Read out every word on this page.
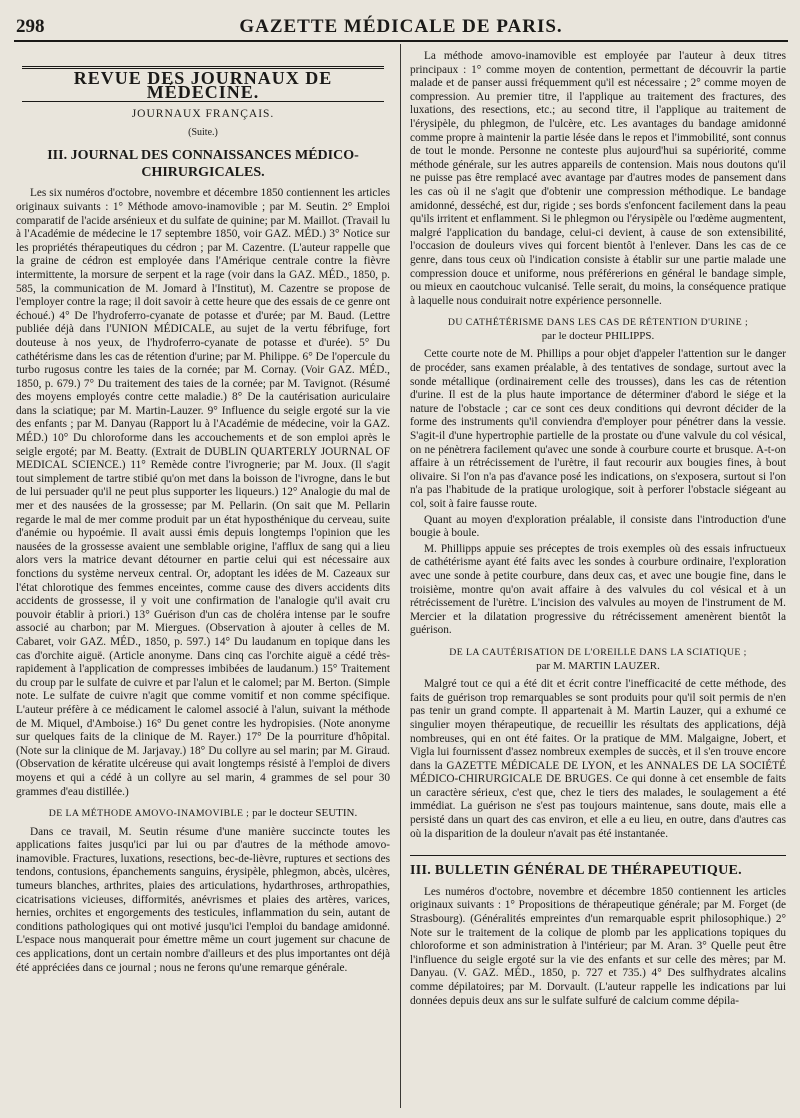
298	GAZETTE MÉDICALE DE PARIS.
REVUE DES JOURNAUX DE MÉDECINE.
JOURNAUX FRANÇAIS.
(Suite.)
III. JOURNAL DES CONNAISSANCES MÉDICO-CHIRURGICALES.

Les six numéros d'octobre, novembre et décembre 1850 contiennent les articles originaux suivants : 1° Méthode amovo-inamovible ; par M. Seutin. 2° Emploi comparatif de l'acide arsénieux et du sulfate de quinine; par M. Maillot. (Travail lu à l'Académie de médecine le 17 septembre 1850, voir GAZ. MÉD.) 3° Notice sur les propriétés thérapeutiques du cédron ; par M. Cazentre. (L'auteur rappelle que la graine de cédron est employée dans l'Amérique centrale contre la fièvre intermittente, la morsure de serpent et la rage (voir dans la GAZ. MÉD., 1850, p. 585, la communication de M. Jomard à l'Institut), M. Cazentre se propose de l'employer contre la rage; il doit savoir à cette heure que des essais de ce genre ont échoué.) 4° De l'hydroferro-cyanate de potasse et d'urée; par M. Baud. (Lettre publiée déjà dans l'UNION MÉDICALE, au sujet de la vertu fébrifuge, fort douteuse à nos yeux, de l'hydroferro-cyanate de potasse et d'urée). 5° Du cathétérisme dans les cas de rétention d'urine; par M. Philippe. 6° De l'opercule du turbo rugosus contre les taies de la cornée; par M. Cornay. (Voir GAZ. MÉD., 1850, p. 679.) 7° Du traitement des taies de la cornée; par M. Tavignot. (Résumé des moyens employés contre cette maladie.) 8° De la cautérisation auriculaire dans la sciatique; par M. Martin-Lauzer. 9° Influence du seigle ergoté sur la vie des enfants ; par M. Danyau (Rapport lu à l'Académie de médecine, voir la GAZ. MÉD.) 10° Du chloroforme dans les accouchements et de son emploi après le seigle ergoté; par M. Beatty. (Extrait de DUBLIN QUARTERLY JOURNAL OF MEDICAL SCIENCE.) 11° Remède contre l'ivrognerie; par M. Joux. (Il s'agit tout simplement de tartre stibié qu'on met dans la boisson de l'ivrogne, dans le but de lui persuader qu'il ne peut plus supporter les liqueurs.) 12° Analogie du mal de mer et des nausées de la grossesse; par M. Pellarin. (On sait que M. Pellarin regarde le mal de mer comme produit par un état hyposthénique du cerveau, suite d'anémie ou hypoémie. Il avait aussi émis depuis longtemps l'opinion que les nausées de la grossesse avaient une semblable origine, l'afflux de sang qui a lieu alors vers la matrice devant détourner en partie celui qui est nécessaire aux fonctions du système nerveux central. Or, adoptant les idées de M. Cazeaux sur l'état chlorotique des femmes enceintes, comme cause des divers accidents dits accidents de grossesse, il y voit une confirmation de l'analogie qu'il avait cru pouvoir établir à priori.) 13° Guérison d'un cas de choléra intense par le soufre associé au charbon; par M. Miergues. (Observation à ajouter à celles de M. Cabaret, voir GAZ. MÉD., 1850, p. 597.) 14° Du laudanum en topique dans les cas d'orchite aiguë. (Article anonyme. Dans cinq cas l'orchite aiguë a cédé très-rapidement à l'application de compresses imbibées de laudanum.) 15° Traitement du croup par le sulfate de cuivre et par l'alun et le calomel; par M. Berton. (Simple note. Le sulfate de cuivre n'agit que comme vomitif et non comme spécifique. L'auteur préfère à ce médicament le calomel associé à l'alun, suivant la méthode de M. Miquel, d'Amboise.) 16° Du genet contre les hydropisies. (Note anonyme sur quelques faits de la clinique de M. Rayer.) 17° De la pourriture d'hôpital. (Note sur la clinique de M. Jarjavay.) 18° Du collyre au sel marin; par M. Giraud. (Observation de kératite ulcéreuse qui avait longtemps résisté à l'emploi de divers moyens et qui a cédé à un collyre au sel marin, 4 grammes de sel pour 30 grammes d'eau distillée.)

DE LA MÉTHODE AMOVO-INAMOVIBLE ; par le docteur SEUTIN.

Dans ce travail, M. Seutin résume d'une manière succincte toutes les applications faites jusqu'ici par lui ou par d'autres de la méthode amovo-inamovible. Fractures, luxations, resections, bec-de-lièvre, ruptures et sections des tendons, contusions, épanchements sanguins, érysipèle, phlegmon, abcès, ulcères, tumeurs blanches, arthrites, plaies des articulations, hydarthroses, arthropathies, cicatrisations vicieuses, difformités, anévrismes et plaies des artères, varices, hernies, orchites et engorgements des testicules, inflammation du sein, autant de conditions pathologiques qui ont motivé jusqu'ici l'emploi du bandage amidonné. L'espace nous manquerait pour émettre même un court jugement sur chacune de ces applications, dont un certain nombre d'ailleurs et des plus importantes ont déjà été appréciées dans ce journal ; nous ne ferons qu'une remarque générale.

La méthode amovo-inamovible est employée par l'auteur à deux titres principaux : 1° comme moyen de contention, permettant de découvrir la partie malade et de panser aussi fréquemment qu'il est nécessaire ; 2° comme moyen de compression. Au premier titre, il l'applique au traitement des fractures, des luxations, des resections, etc.; au second titre, il l'applique au traitement de l'érysipèle, du phlegmon, de l'ulcère, etc. Les avantages du bandage amidonné comme propre à maintenir la partie lésée dans le repos et l'immobilité, sont connus de tout le monde. Personne ne conteste plus aujourd'hui sa supériorité, comme méthode générale, sur les autres appareils de contension. Mais nous doutons qu'il ne puisse pas être remplacé avec avantage par d'autres modes de pansement dans les cas où il ne s'agit que d'obtenir une compression méthodique. Le bandage amidonné, desséché, est dur, rigide ; ses bords s'enfoncent facilement dans la peau qu'ils irritent et enflamment. Si le phlegmon ou l'érysipèle ou l'œdème augmentent, malgré l'application du bandage, celui-ci devient, à cause de son extensibilité, l'occasion de douleurs vives qui forcent bientôt à l'enlever. Dans les cas de ce genre, dans tous ceux où l'indication consiste à établir sur une partie malade une compression douce et uniforme, nous préférerions en général le bandage simple, ou mieux en caoutchouc vulcanisé. Telle serait, du moins, la conséquence pratique à laquelle nous conduirait notre expérience personnelle.

DU CATHÉTÉRISME DANS LES CAS DE RÉTENTION D'URINE ;
par le docteur PHILIPPS.

Cette courte note de M. Phillips a pour objet d'appeler l'attention sur le danger de procéder, sans examen préalable, à des tentatives de sondage, surtout avec la sonde métallique (ordinairement celle des trousses), dans les cas de rétention d'urine. Il est de la plus haute importance de déterminer d'abord le siége et la nature de l'obstacle ; car ce sont ces deux conditions qui devront décider de la forme des instruments qu'il conviendra d'employer pour pénétrer dans la vessie. S'agit-il d'une hypertrophie partielle de la prostate ou d'une valvule du col vésical, on ne pénètrera facilement qu'avec une sonde à courbure courte et brusque. A-t-on affaire à un rétrécissement de l'urètre, il faut recourir aux bougies fines, à bout olivaire. Si l'on n'a pas d'avance posé les indications, on s'exposera, surtout si l'on n'a pas l'habitude de la pratique urologique, soit à perforer l'obstacle siégeant au col, soit à faire fausse route.

Quant au moyen d'exploration préalable, il consiste dans l'introduction d'une bougie à boule.

M. Phillipps appuie ses préceptes de trois exemples où des essais infructueux de cathétérisme ayant été faits avec les sondes à courbure ordinaire, l'exploration avec une sonde à petite courbure, dans deux cas, et avec une bougie fine, dans le troisième, montre qu'on avait affaire à des valvules du col vésical et à un rétrécissement de l'urètre. L'incision des valvules au moyen de l'instrument de M. Mercier et la dilatation progressive du rétrécissement amenèrent bientôt la guérison.

DE LA CAUTÉRISATION DE L'OREILLE DANS LA SCIATIQUE ;
par M. MARTIN LAUZER.

Malgré tout ce qui a été dit et écrit contre l'inefficacité de cette méthode, des faits de guérison trop remarquables se sont produits pour qu'il soit permis de n'en pas tenir un grand compte. Il appartenait à M. Martin Lauzer, qui a exhumé ce singulier moyen thérapeutique, de recueillir les résultats des applications, déjà nombreuses, qui en ont été faites. Or la pratique de MM. Malgaigne, Jobert, et Vigla lui fournissent d'assez nombreux exemples de succès, et il s'en trouve encore dans la GAZETTE MÉDICALE DE LYON, et les ANNALES DE LA SOCIÉTÉ MÉDICO-CHIRURGICALE DE BRUGES. Ce qui donne à cet ensemble de faits un caractère sérieux, c'est que, chez le tiers des malades, le soulagement a été immédiat. La guérison ne s'est pas toujours maintenue, sans doute, mais elle a persisté dans un quart des cas environ, et elle a eu lieu, en outre, dans d'autres cas où la disparition de la douleur n'avait pas été instantanée.

III. BULLETIN GÉNÉRAL DE THÉRAPEUTIQUE.

Les numéros d'octobre, novembre et décembre 1850 contiennent les articles originaux suivants : 1° Propositions de thérapeutique générale; par M. Forget (de Strasbourg). (Généralités empreintes d'un remarquable esprit philosophique.) 2° Note sur le traitement de la colique de plomb par les applications topiques du chloroforme et son administration à l'intérieur; par M. Aran. 3° Quelle peut être l'influence du seigle ergoté sur la vie des enfants et sur celle des mères; par M. Danyau. (V. GAZ. MÉD., 1850, p. 727 et 735.) 4° Des sulfhydrates alcalins comme dépilatoires; par M. Dorvault. (L'auteur rappelle les indications par lui données depuis deux ans sur le sulfate sulfuré de calcium comme dépila-
